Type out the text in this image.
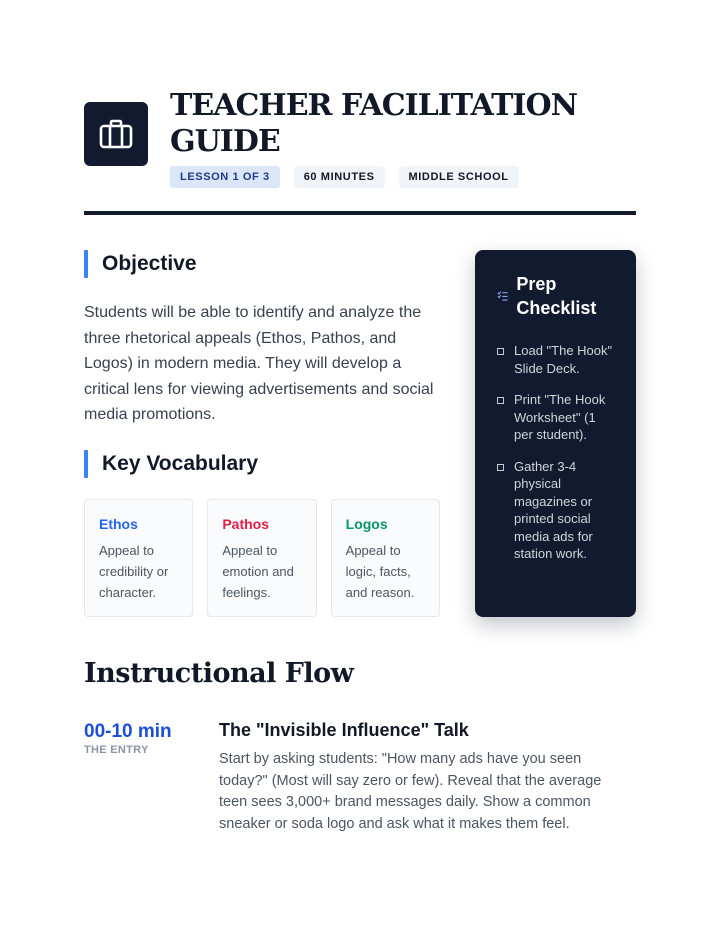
TEACHER FACILITATION GUIDE
LESSON 1 OF 3	60 MINUTES	MIDDLE SCHOOL
Objective

Students will be able to identify and analyze the three rhetorical appeals (Ethos, Pathos, and Logos) in modern media. They will develop a critical lens for viewing advertisements and social media promotions.

Key Vocabulary
Ethos
Appeal to credibility or character.
Pathos
Appeal to emotion and feelings.
Logos
Appeal to logic, facts, and reason.
Prep Checklist
Load "The Hook" Slide Deck.
Print "The Hook Worksheet" (1 per student).
Gather 3-4 physical magazines or printed social media ads for station work.
Instructional Flow
00-10 min
THE ENTRY
The "Invisible Influence" Talk

Start by asking students: "How many ads have you seen today?" (Most will say zero or few). Reveal that the average teen sees 3,000+ brand messages daily. Show a common sneaker or soda logo and ask what it makes them feel.
